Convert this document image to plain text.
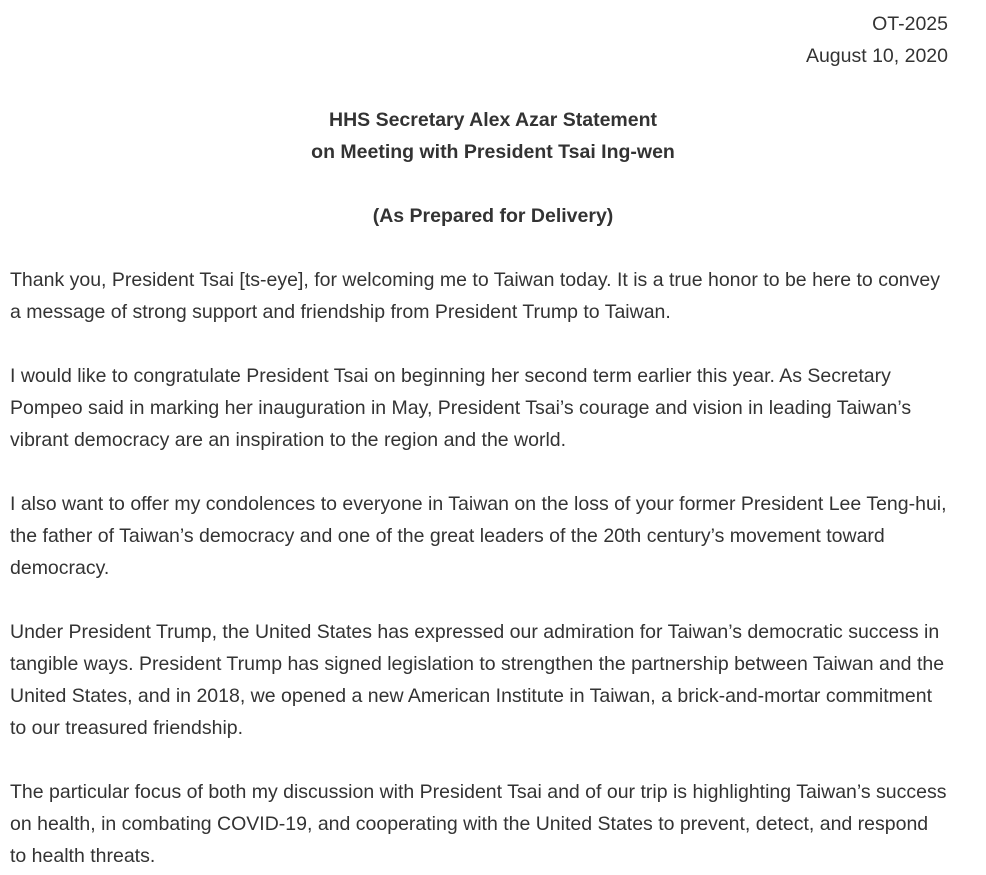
OT-2025
August 10, 2020
HHS Secretary Alex Azar Statement
on Meeting with President Tsai Ing-wen
(As Prepared for Delivery)

Thank you, President Tsai [ts-eye], for welcoming me to Taiwan today. It is a true honor to be here to convey a message of strong support and friendship from President Trump to Taiwan.

I would like to congratulate President Tsai on beginning her second term earlier this year. As Secretary Pompeo said in marking her inauguration in May, President Tsai’s courage and vision in leading Taiwan’s vibrant democracy are an inspiration to the region and the world.

I also want to offer my condolences to everyone in Taiwan on the loss of your former President Lee Teng-hui, the father of Taiwan’s democracy and one of the great leaders of the 20th century’s movement toward democracy.

Under President Trump, the United States has expressed our admiration for Taiwan’s democratic success in tangible ways. President Trump has signed legislation to strengthen the partnership between Taiwan and the United States, and in 2018, we opened a new American Institute in Taiwan, a brick-and-mortar commitment to our treasured friendship.

The particular focus of both my discussion with President Tsai and of our trip is highlighting Taiwan’s success on health, in combating COVID-19, and cooperating with the United States to prevent, detect, and respond to health threats.
